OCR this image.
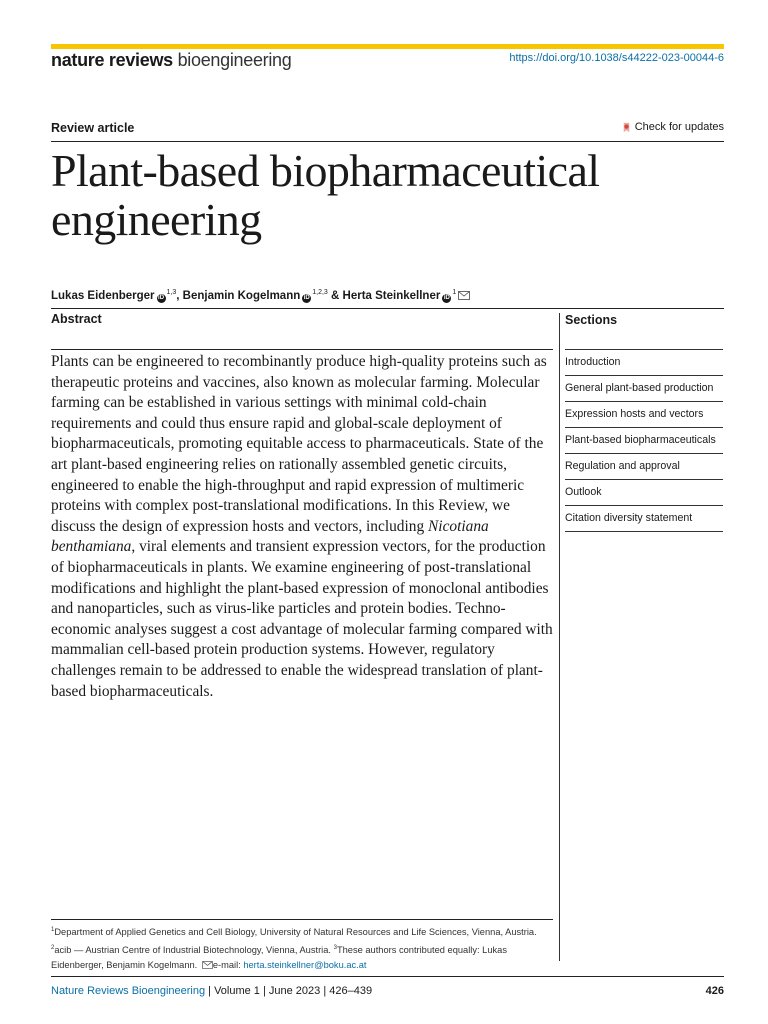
nature reviews bioengineering	https://doi.org/10.1038/s44222-023-00044-6
Review article	Check for updates
Plant-based biopharmaceutical engineering
Lukas Eidenberger iD$^{1,3}$, Benjamin Kogelmann iD$^{1,2,3}$ & Herta Steinkellner $iD^1$
Abstract

Plants can be engineered to recombinantly produce high-quality proteins such as therapeutic proteins and vaccines, also known as molecular farming. Molecular farming can be established in various settings with minimal cold-chain requirements and could thus ensure rapid and global-scale deployment of biopharmaceuticals, promoting equitable access to pharmaceuticals. State of the art plant-based engineering relies on rationally assembled genetic circuits, engineered to enable the high-throughput and rapid expression of multimeric proteins with complex post-translational modifications. In this Review, we discuss the design of expression hosts and vectors, including Nicotiana benthamiana, viral elements and transient expression vectors, for the production of biopharmaceuticals in plants. We examine engineering of post-translational modifications and highlight the plant-based expression of monoclonal antibodies and nanoparticles, such as virus-like particles and protein bodies. Techno-economic analyses suggest a cost advantage of molecular farming compared with mammalian cell-based protein production systems. However, regulatory challenges remain to be addressed to enable the widespread translation of plant-based biopharmaceuticals.

Sections
Introduction
General plant-based production
Expression hosts and vectors
Plant-based biopharmaceuticals
Regulation and approval
Outlook
Citation diversity statement

$^1$Department of Applied Genetics and Cell Biology, University of Natural Resources and Life Sciences, Vienna, Austria. $^2$acib — Austrian Centre of Industrial Biotechnology, Vienna, Austria. $^3$These authors contributed equally: Lukas Eidenberger, Benjamin Kogelmann. e-mail: herta.steinkellner@boku.ac.at

Nature Reviews Bioengineering | Volume 1 | June 2023 | 426–439	426
